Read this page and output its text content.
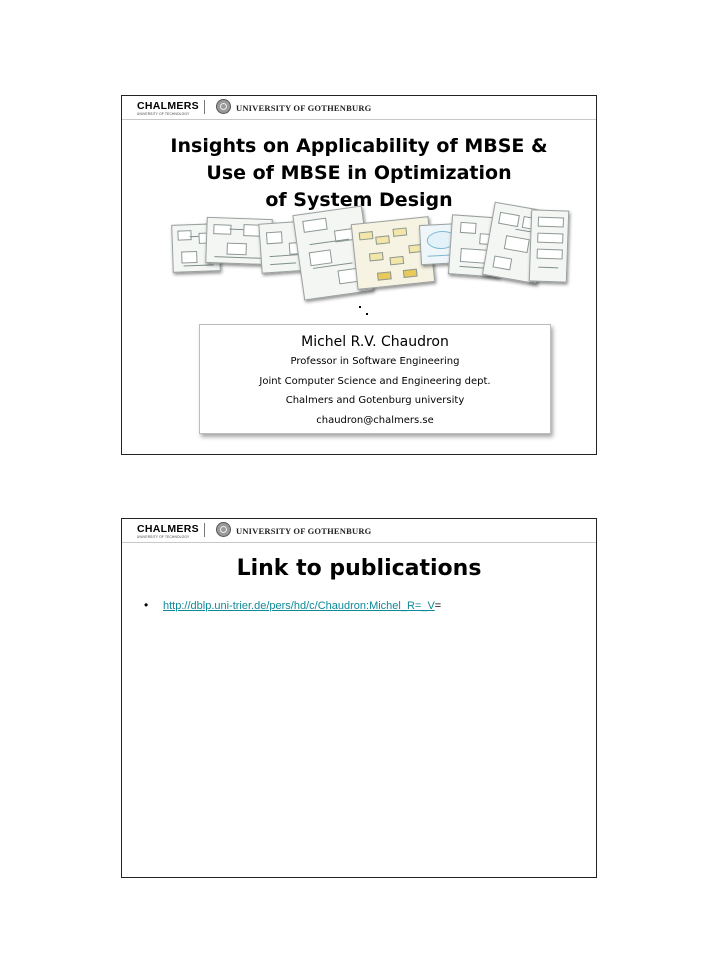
CHALMERS
UNIVERSITY OF TECHNOLOGY
UNIVERSITY OF GOTHENBURG
Insights on Applicability of MBSE &
Use of MBSE in Optimization
of System Design
Michel R.V. Chaudron
Professor in Software Engineering
Joint Computer Science and Engineering dept.
Chalmers and Gotenburg university
chaudron@chalmers.se
CHALMERS
UNIVERSITY OF TECHNOLOGY
UNIVERSITY OF GOTHENBURG
Link to publications
• http://dblp.uni-trier.de/pers/hd/c/Chaudron:Michel_R=_V=
